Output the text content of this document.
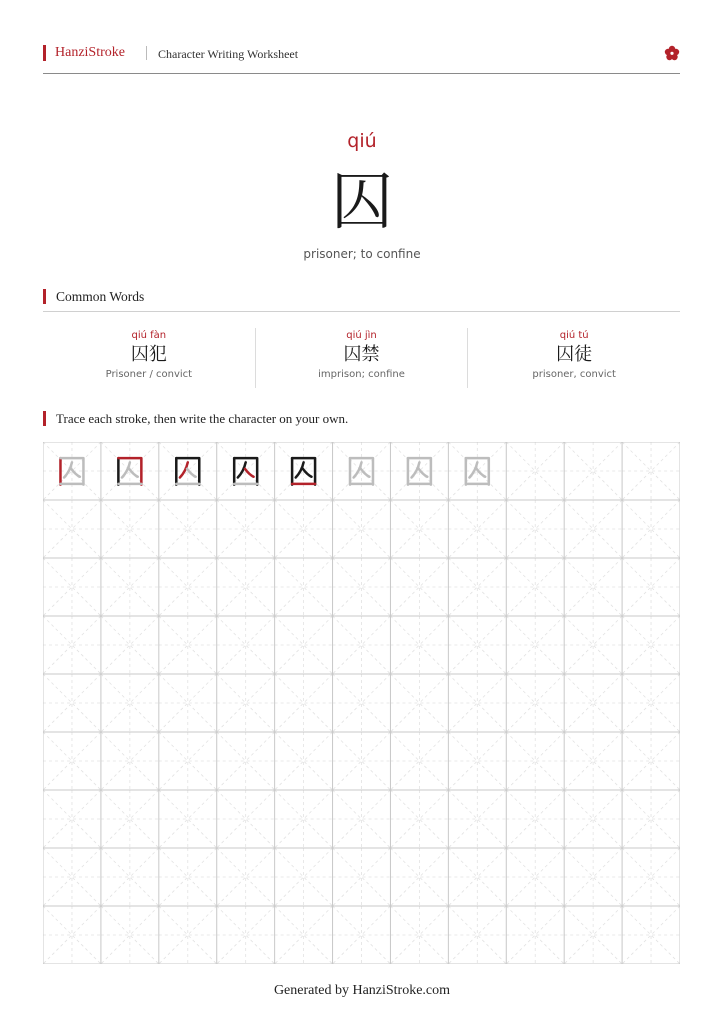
HanziStroke	Character Writing Worksheet
qiú
囚
prisoner; to confine
Common Words
qiú fàn
囚犯
Prisoner / convict
qiú jìn
囚禁
imprison; confine
qiú tú
囚徒
prisoner, convict
Trace each stroke, then write the character on your own.
Generated by HanziStroke.com
